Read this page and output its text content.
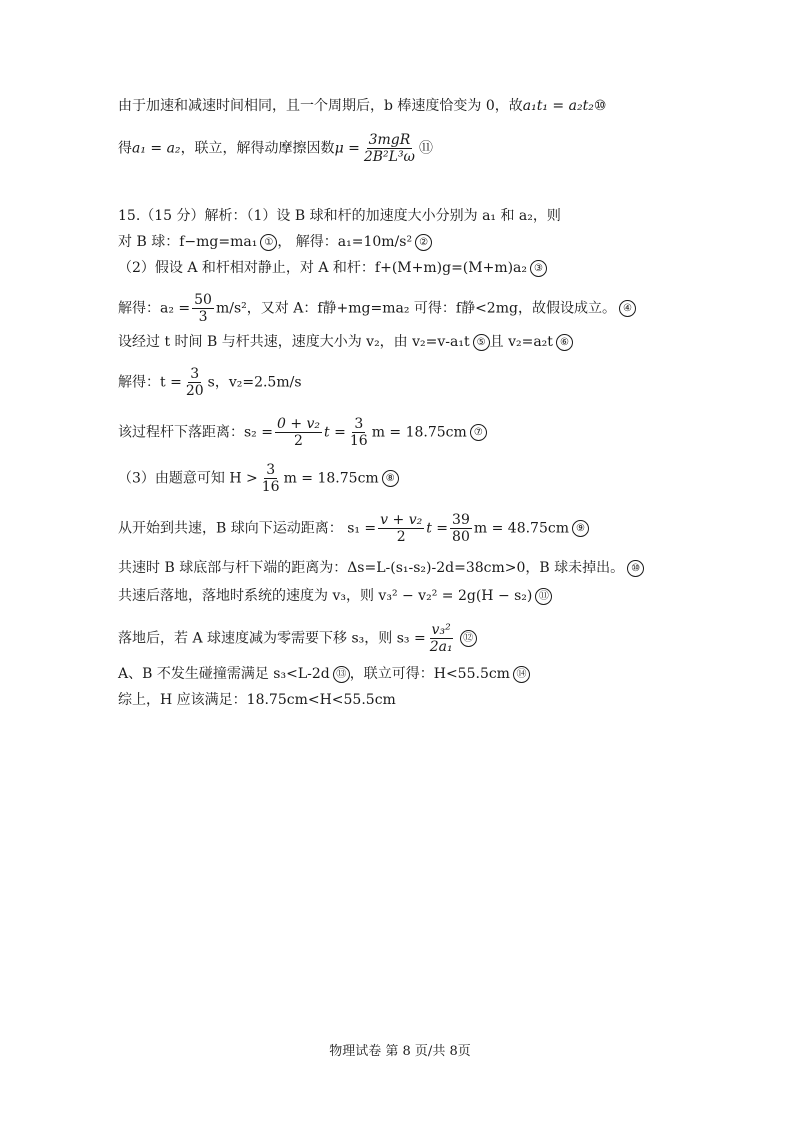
由于加速和减速时间相同，且一个周期后，b 棒速度恰变为 0，故a₁t₁ = a₂t₂⑩
得a₁ = a₂，联立，解得动摩擦因数$\mu = \frac{\text{3mgR}}{\text{2B²L³ω}}$ ⑪
15.（15 分）解析：（1）设 B 球和杆的加速度大小分别为 a₁ 和 a₂，则
对 B 球：f−mg=ma₁ ① ， 解得：a₁=10m/s² ②
（2）假设 A 和杆相对静止，对 A 和杆：f+(M+m)g=(M+m)a₂ ③
解得：$a_2 = \frac{50}{3} m/s^2$，又对 A：f静+mg=ma₂ 可得：f静<2mg，故假设成立。 ④
设经过 t 时间 B 与杆共速，速度大小为 v₂，由 v₂=v-a₁t ⑤ 且 v₂=a₂t ⑥
解得：$t = \frac{3}{20}$ s，v₂=2.5m/s
该过程杆下落距离：$s_2 = \frac{\text{0 + v₂}}{2}$ $t = \frac{3}{16}$ m = 18.75cm ⑦
（3）由题意可知 $H > \frac{3}{16}$ m = 18.75cm ⑧
从开始到共速，B 球向下运动距离： $s_1 = \frac{\text{v + v₂}}{2}$ $t = \frac{39}{80}$ m = 48.75cm ⑨
共速时 B 球底部与杆下端的距离为：Δs=L-(s₁-s₂)-2d=38cm>0，B 球未掉出。 ⑩
共速后落地，落地时系统的速度为 v₃，则 v₃² − v₂² = 2g(H − s₂) ⑪
落地后，若 A 球速度减为零需要下移 s₃，则 $s_3 = \frac{\text{v₃²}}{\text{2a₁}}$ ⑫
A、B 不发生碰撞需满足 s₃<L-2d ⑬ ，联立可得：H<55.5cm ⑭
综上，H 应该满足：18.75cm<H<55.5cm
物理试卷 第 8 页/共 8页
